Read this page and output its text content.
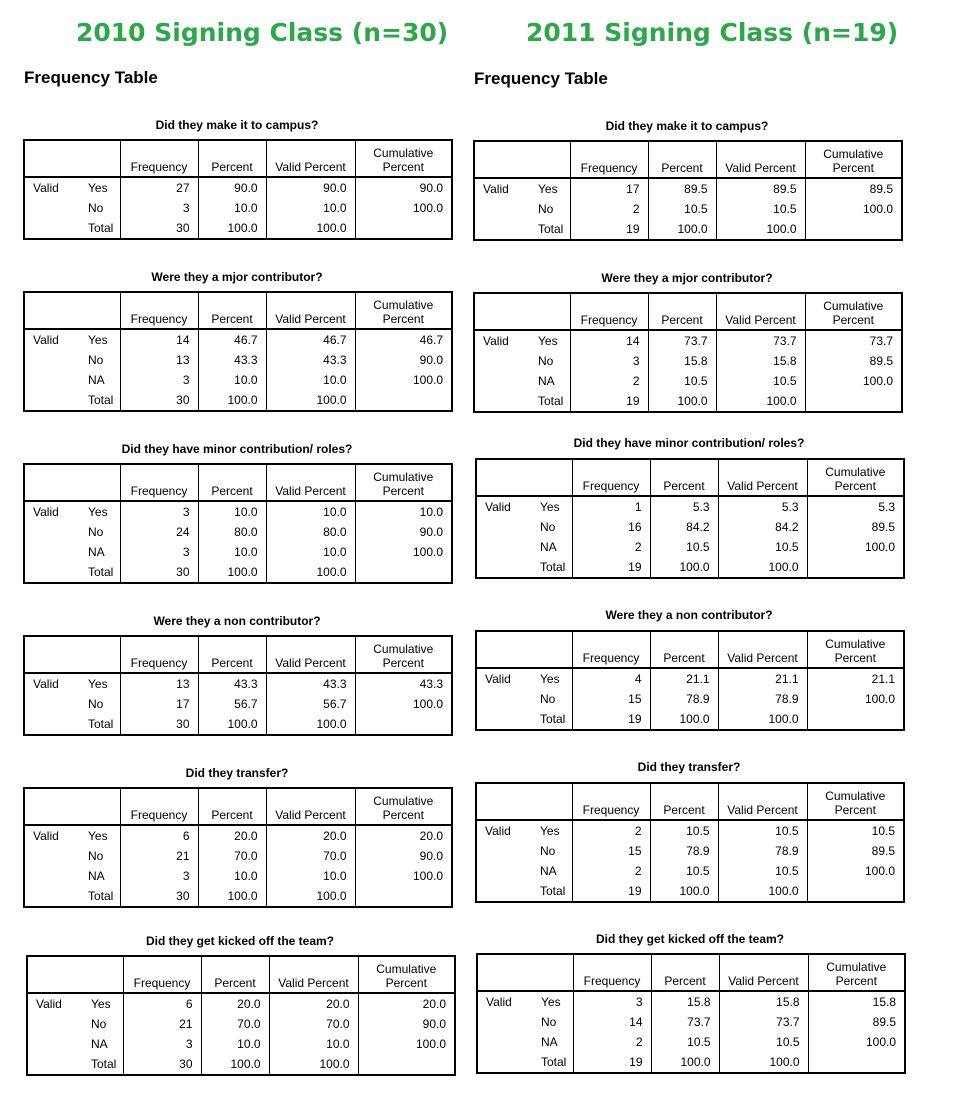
2010 Signing Class (n=30)	2011 Signing Class (n=19)
Frequency Table	Frequency Table
Did they make it to campus?
		Frequency	Percent	Valid Percent	Cumulative
Percent
Valid	Yes	27	90.0	90.0	90.0
	No	3	10.0	10.0	100.0
	Total	30	100.0	100.0	
Were they a mjor contributor?
		Frequency	Percent	Valid Percent	Cumulative
Percent
Valid	Yes	14	46.7	46.7	46.7
	No	13	43.3	43.3	90.0
	NA	3	10.0	10.0	100.0
	Total	30	100.0	100.0	
Did they have minor contribution/ roles?
		Frequency	Percent	Valid Percent	Cumulative
Percent
Valid	Yes	3	10.0	10.0	10.0
	No	24	80.0	80.0	90.0
	NA	3	10.0	10.0	100.0
	Total	30	100.0	100.0	
Were they a non contributor?
		Frequency	Percent	Valid Percent	Cumulative
Percent
Valid	Yes	13	43.3	43.3	43.3
	No	17	56.7	56.7	100.0
	Total	30	100.0	100.0	
Did they transfer?
		Frequency	Percent	Valid Percent	Cumulative
Percent
Valid	Yes	6	20.0	20.0	20.0
	No	21	70.0	70.0	90.0
	NA	3	10.0	10.0	100.0
	Total	30	100.0	100.0	
Did they get kicked off the team?
		Frequency	Percent	Valid Percent	Cumulative
Percent
Valid	Yes	6	20.0	20.0	20.0
	No	21	70.0	70.0	90.0
	NA	3	10.0	10.0	100.0
	Total	30	100.0	100.0	
Did they make it to campus?
		Frequency	Percent	Valid Percent	Cumulative
Percent
Valid	Yes	17	89.5	89.5	89.5
	No	2	10.5	10.5	100.0
	Total	19	100.0	100.0	
Were they a mjor contributor?
		Frequency	Percent	Valid Percent	Cumulative
Percent
Valid	Yes	14	73.7	73.7	73.7
	No	3	15.8	15.8	89.5
	NA	2	10.5	10.5	100.0
	Total	19	100.0	100.0	
Did they have minor contribution/ roles?
		Frequency	Percent	Valid Percent	Cumulative
Percent
Valid	Yes	1	5.3	5.3	5.3
	No	16	84.2	84.2	89.5
	NA	2	10.5	10.5	100.0
	Total	19	100.0	100.0	
Were they a non contributor?
		Frequency	Percent	Valid Percent	Cumulative
Percent
Valid	Yes	4	21.1	21.1	21.1
	No	15	78.9	78.9	100.0
	Total	19	100.0	100.0	
Did they transfer?
		Frequency	Percent	Valid Percent	Cumulative
Percent
Valid	Yes	2	10.5	10.5	10.5
	No	15	78.9	78.9	89.5
	NA	2	10.5	10.5	100.0
	Total	19	100.0	100.0	
Did they get kicked off the team?
		Frequency	Percent	Valid Percent	Cumulative
Percent
Valid	Yes	3	15.8	15.8	15.8
	No	14	73.7	73.7	89.5
	NA	2	10.5	10.5	100.0
	Total	19	100.0	100.0	
